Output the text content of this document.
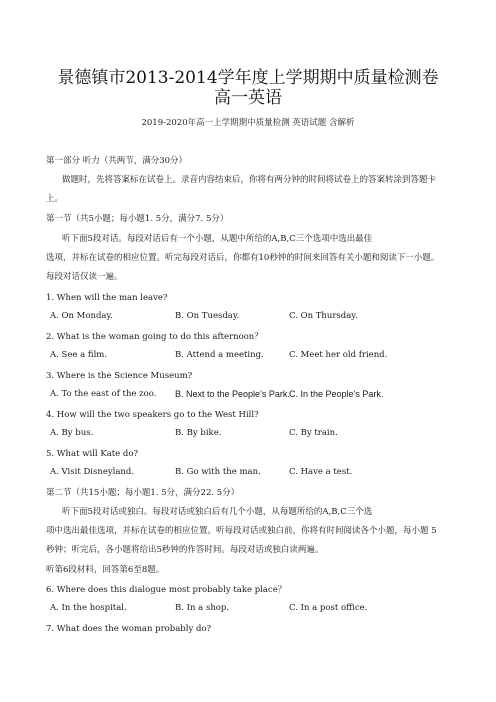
景德镇市2013-2014学年度上学期期中质量检测卷
高一英语
2019-2020年高一上学期期中质量检测 英语试题 含解析
第一部分 听力（共两节，满分30分）
做题时，先将答案标在试卷上。录音内容结束后，你将有两分钟的时间将试卷上的答案转涂到答题卡
上。
第一节（共5小题；每小题1. 5分，满分7. 5分）
听下面5段对话。每段对话后有一个小题，从题中所给的A,B,C三个选项中选出最佳
选项，并标在试卷的相应位置。听完每段对话后，你都有10秒钟的时间来回答有关小题和阅读下一小题。
每段对话仅读一遍。
1. When will the man leave?
A. On Monday.	B. On Tuesday.	C. On Thursday.
2. What is the woman going to do this afternoon？
A. See a film.	B. Attend a meeting.	C. Meet her old friend.
3. Where is the Science Museum?
A. To the east of the zoo. B. Next to the People’s Park. C. In the People’s Park.
4. How will the two speakers go to the West Hill?
A. By bus.	B. By bike.	C. By train.
5. What will Kate do?
A. Visit Disneyland.	B. Go with the man.	C. Have a test.
第二节（共15小题；每小题1. 5分，满分22. 5分）
听下面5段对话或独白。每段对话或独白后有几个小题，从每题所给的A,B,C三个选
项中选出最佳选项，并标在试卷的相应位置。听每段对话或独白前，你将有时间阅读各个小题，每小题 5
秒钟；听完后，各小题将给出5秒钟的作答时间。每段对话或独白读两遍。
听第6段材料，回答第6至8题。
6. Where does this dialogue most probably take place？
A. In the hospital.	B. In a shop.	C. In a post office.
7. What does the woman probably do?
